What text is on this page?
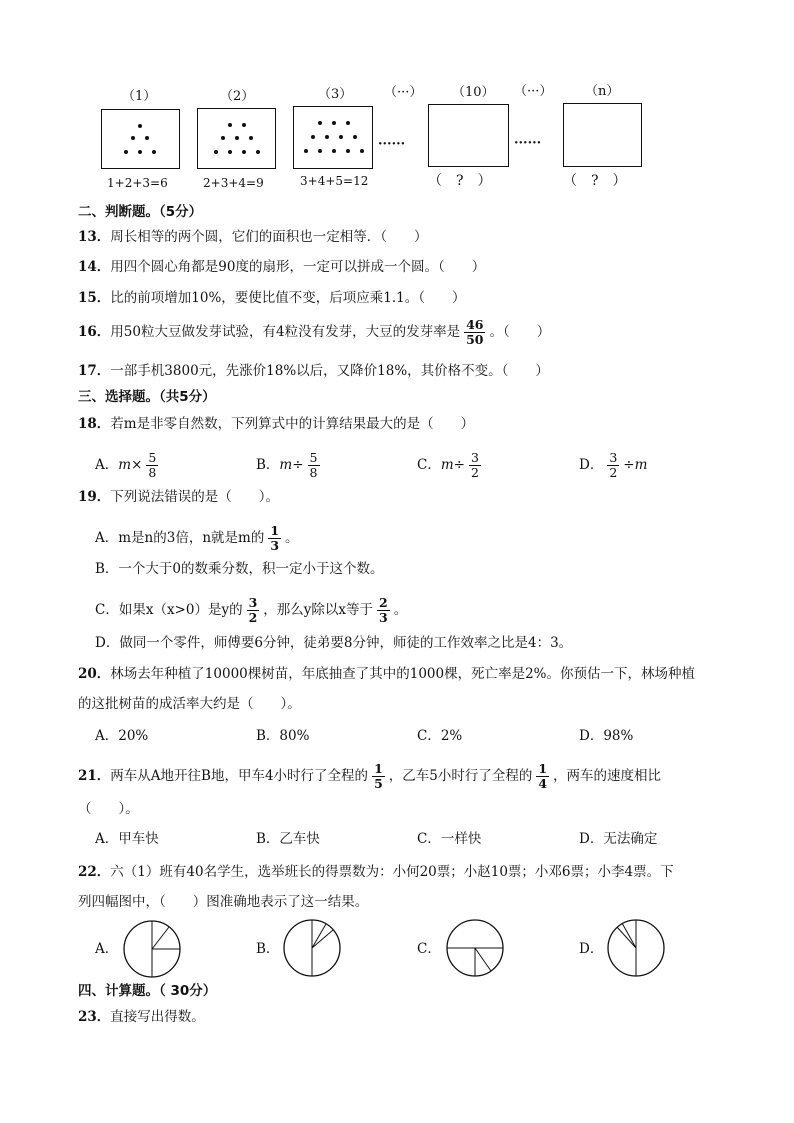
（1）	（2）	（3） （···） （10） （···）	（n）
······	······
1+2+3=6	2+3+4=9	3+4+5=12	（　?　）	（　?　）
二、判断题。（5分）
13．周长相等的两个圆，它们的面积也一定相等．（　　）
14．用四个圆心角都是90度的扇形，一定可以拼成一个圆。（　　）
15．比的前项增加10%，要使比值不变，后项应乘1.1。（　　）
16．用50粒大豆做发芽试验，有4粒没有发芽，大豆的发芽率是 $\frac{46}{50}$ 。（　　）
17．一部手机3800元，先涨价18%以后，又降价18%，其价格不变。（　　）
三、选择题。（共5分）
18．若m是非零自然数，下列算式中的计算结果最大的是（　　）
A．$m\times \frac{5}{8}$	B．$m\div \frac{5}{8}$	C．$m\div \frac{3}{2}$	D． $\frac{3}{2} \div m$
19．下列说法错误的是（　　）。
A．m是n的3倍，n就是m的 $\frac{1}{3}$ 。
B．一个大于0的数乘分数，积一定小于这个数。
C．如果x（x>0）是y的 $\frac{3}{2}$ ，那么y除以x等于 $\frac{2}{3}$ 。
D．做同一个零件，师傅要6分钟，徒弟要8分钟，师徒的工作效率之比是4：3。
20．林场去年种植了10000棵树苗，年底抽查了其中的1000棵，死亡率是2%。你预估一下，林场种植
的这批树苗的成活率大约是（　　）。
A．20%	B．80%	C．2%	D．98%
21．两车从A地开往B地，甲车4小时行了全程的 $\frac{1}{5}$ ，乙车5小时行了全程的 $\frac{1}{4}$ ，两车的速度相比
（　　）。
A．甲车快	B．乙车快	C．一样快	D．无法确定
22．六（1）班有40名学生，选举班长的得票数为：小何20票；小赵10票；小邓6票；小李4票。下
列四幅图中，（　　）图准确地表示了这一结果。
A．	B．	C．	D．
四、计算题。（ 30分）
23．直接写出得数。
